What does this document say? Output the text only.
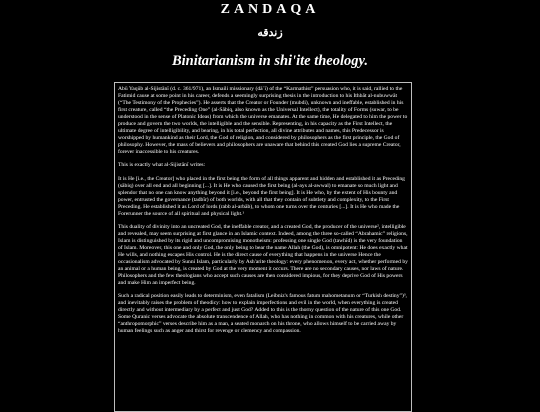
ZANDAQA
زندقه
Binitarianism in shi'ite theology.

Abū Yaqūb al-Sijistānī (d. c. 361/971), an Ismaili missionary (dāʿī) of the “Karmathist” persuasion who, it is said, rallied to the Fatimid cause at some point in his career, defends a seemingly surprising thesis in the introduction to his Ithbāt al-nubuwwāt (“The Testimony of the Prophecies”). He asserts that the Creator or Founder (mubdi), unknown and ineffable, established in his first creature, called “the Preceding One” (al-Sābiq, also known as the Universal Intellect), the totality of Forms (suwar, to be understood in the sense of Platonic Ideas) from which the universe emanates. At the same time, He delegated to him the power to produce and govern the two worlds, the intelligible and the sensible. Representing, in his capacity as the First Intellect, the ultimate degree of intelligibility, and bearing, in his total perfection, all divine attributes and names, this Predecessor is worshipped by humankind as their Lord, the God of religion, and considered by philosophers as the first principle, the God of philosophy. However, the mass of believers and philosophers are unaware that behind this created God lies a supreme Creator, forever inaccessible to his creatures.

This is exactly what al-Sijistānī writes:

It is He [i.e., the Creator] who placed in the first being the form of all things apparent and hidden and established it as Preceding (sābiq) over all end and all beginning [...]. It is He who caused the first being (al-ays al-awwal) to emanate so much light and splendor that no one can know anything beyond it [i.e., beyond the first being]. It is He who, by the extent of His bounty and power, entrusted the governance (tadbīr) of both worlds, with all that they contain of subtlety and complexity, to the First Preceding. He established it as Lord of lords (rabb al-arbāb), to whom one turns over the centuries [...]. It is He who made the Forerunner the source of all spiritual and physical light.¹

This duality of divinity into an uncreated God, the ineffable creator, and a created God, the producer of the universe², intelligible and revealed, may seem surprising at first glance in an Islamic context. Indeed, among the three so-called “Abrahamic” religions, Islam is distinguished by its rigid and uncompromising monotheism: professing one single God (tawhīd) is the very foundation of Islam. Moreover, this one and only God, the only being to bear the name Allah (the God), is omnipotent: He does exactly what He wills, and nothing escapes His control. He is the direct cause of everything that happens in the universe Hence the occasionalism advocated by Sunni Islam, particularly by Ash'arite theology: every phenomenon, every act, whether performed by an animal or a human being, is created by God at the very moment it occurs. There are no secondary causes, nor laws of nature. Philosophers and the few theologians who accept such causes are then considered impious, for they deprive God of His powers and make Him an imperfect being.

Such a radical position easily leads to determinism, even fatalism (Leibniz's famous fatum mahometanum or “Turkish destiny”)³, and inevitably raises the problem of theodicy: how to explain imperfections and evil in the world, when everything is created directly and without intermediary by a perfect and just God? Added to this is the thorny question of the nature of this one God. Some Quranic verses advocate the absolute transcendence of Allah, who has nothing in common with his creatures, while other “anthropomorphic” verses describe him as a man, a seated monarch on his throne, who allows himself to be carried away by human feelings such as anger and thirst for revenge or clemency and compassion.
